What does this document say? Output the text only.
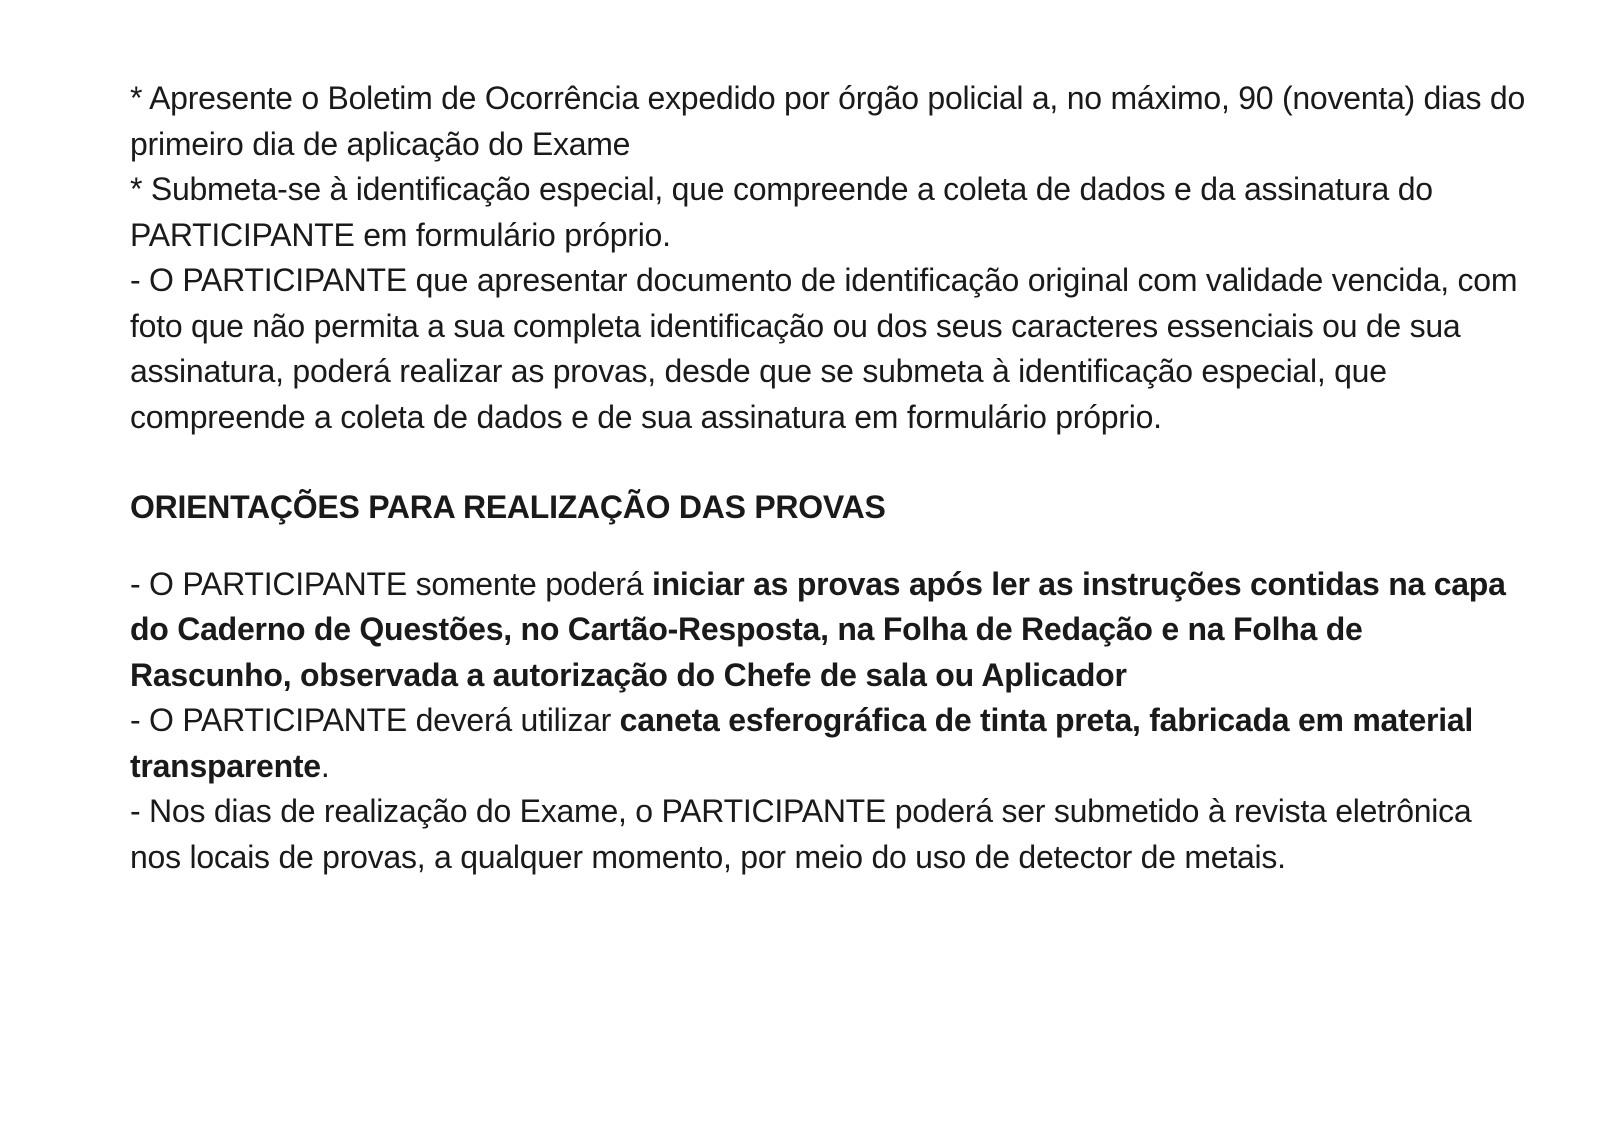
* Apresente o Boletim de Ocorrência expedido por órgão policial a, no máximo, 90 (noventa) dias do primeiro dia de aplicação do Exame

* Submeta-se à identificação especial, que compreende a coleta de dados e da assinatura do PARTICIPANTE em formulário próprio.

- O PARTICIPANTE que apresentar documento de identificação original com validade vencida, com foto que não permita a sua completa identificação ou dos seus caracteres essenciais ou de sua assinatura, poderá realizar as provas, desde que se submeta à identificação especial, que compreende a coleta de dados e de sua assinatura em formulário próprio.

ORIENTAÇÕES PARA REALIZAÇÃO DAS PROVAS

- O PARTICIPANTE somente poderá iniciar as provas após ler as instruções contidas na capa do Caderno de Questões, no Cartão-Resposta, na Folha de Redação e na Folha de Rascunho, observada a autorização do Chefe de sala ou Aplicador

- O PARTICIPANTE deverá utilizar caneta esferográfica de tinta preta, fabricada em material transparente.

- Nos dias de realização do Exame, o PARTICIPANTE poderá ser submetido à revista eletrônica nos locais de provas, a qualquer momento, por meio do uso de detector de metais.
